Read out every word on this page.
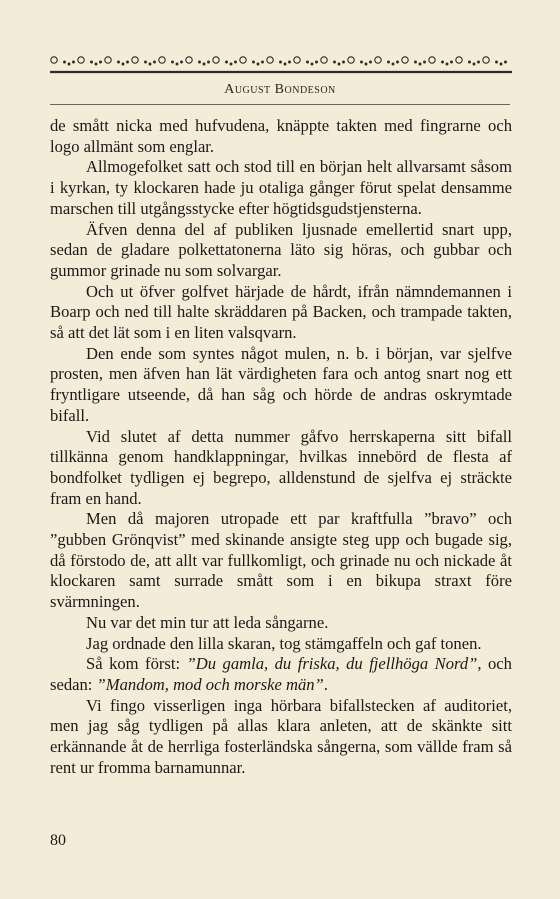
August Bondeson

de smått nicka med hufvudena, knäppte takten med fingrarne och logo allmänt som englar.

Allmogefolket satt och stod till en början helt allvarsamt såsom i kyrkan, ty klockaren hade ju otaliga gånger förut spelat densamme marschen till utgångsstycke efter högtidsgudstjensterna.

Äfven denna del af publiken ljusnade emellertid snart upp, sedan de gladare polkettatonerna läto sig höras, och gubbar och gummor grinade nu som solvargar.

Och ut öfver golfvet härjade de hårdt, ifrån nämndemannen i Boarp och ned till halte skräddaren på Backen, och trampade takten, så att det lät som i en liten valsqvarn.

Den ende som syntes något mulen, n. b. i början, var sjelfve prosten, men äfven han lät värdigheten fara och antog snart nog ett fryntligare utseende, då han såg och hörde de andras oskrymtade bifall.

Vid slutet af detta nummer gåfvo herrskaperna sitt bifall tillkänna genom handklappningar, hvilkas innebörd de flesta af bondfolket tydligen ej begrepo, alldenstund de sjelfva ej sträckte fram en hand.

Men då majoren utropade ett par kraftfulla ”bravo” och ”gubben Grönqvist” med skinande ansigte steg upp och bugade sig, då förstodo de, att allt var fullkomligt, och grinade nu och nickade åt klockaren samt surrade smått som i en bikupa straxt före svärmningen.

Nu var det min tur att leda sångarne.

Jag ordnade den lilla skaran, tog stämgaffeln och gaf tonen.

Så kom först: ”Du gamla, du friska, du fjellhöga Nord”, och sedan: ”Mandom, mod och morske män”.

Vi fingo visserligen inga hörbara bifallstecken af auditoriet, men jag såg tydligen på allas klara anleten, att de skänkte sitt erkännande åt de herrliga fosterländska sångerna, som vällde fram så rent ur fromma barnamunnar.

80
